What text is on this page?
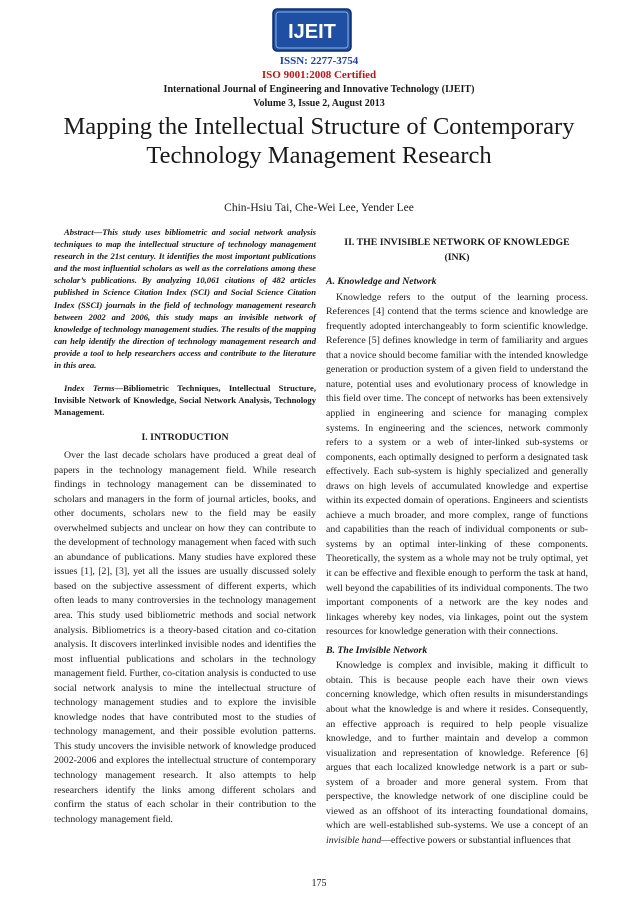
IJEIT
ISSN: 2277-3754
ISO 9001:2008 Certified
International Journal of Engineering and Innovative Technology (IJEIT)
Volume 3, Issue 2, August 2013
Mapping the Intellectual Structure of Contemporary Technology Management Research
Chin-Hsiu Tai, Che-Wei Lee, Yender Lee

Abstract—This study uses bibliometric and social network analysis techniques to map the intellectual structure of technology management research in the 21st century. It identifies the most important publications and the most influential scholars as well as the correlations among these scholar’s publications. By analyzing 10,061 citations of 482 articles published in Science Citation Index (SCI) and Social Science Citation Index (SSCI) journals in the field of technology management research between 2002 and 2006, this study maps an invisible network of knowledge of technology management studies. The results of the mapping can help identify the direction of technology management research and provide a tool to help researchers access and contribute to the literature in this area.

Index Terms—Bibliometric Techniques, Intellectual Structure, Invisible Network of Knowledge, Social Network Analysis, Technology Management.

I. INTRODUCTION

Over the last decade scholars have produced a great deal of papers in the technology management field. While research findings in technology management can be disseminated to scholars and managers in the form of journal articles, books, and other documents, scholars new to the field may be easily overwhelmed subjects and unclear on how they can contribute to the development of technology management when faced with such an abundance of publications. Many studies have explored these issues [1], [2], [3], yet all the issues are usually discussed solely based on the subjective assessment of different experts, which often leads to many controversies in the technology management area. This study used bibliometric methods and social network analysis. Bibliometrics is a theory-based citation and co-citation analysis. It discovers interlinked invisible nodes and identifies the most influential publications and scholars in the technology management field. Further, co-citation analysis is conducted to use social network analysis to mine the intellectual structure of technology management studies and to explore the invisible knowledge nodes that have contributed most to the studies of technology management, and their possible evolution patterns. This study uncovers the invisible network of knowledge produced 2002-2006 and explores the intellectual structure of contemporary technology management research. It also attempts to help researchers identify the links among different scholars and confirm the status of each scholar in their contribution to the technology management field.

II. THE INVISIBLE NETWORK OF KNOWLEDGE (INK)

A. Knowledge and Network

Knowledge refers to the output of the learning process. References [4] contend that the terms science and knowledge are frequently adopted interchangeably to form scientific knowledge. Reference [5] defines knowledge in term of familiarity and argues that a novice should become familiar with the intended knowledge generation or production system of a given field to understand the nature, potential uses and evolutionary process of knowledge in this field over time. The concept of networks has been extensively applied in engineering and science for managing complex systems. In engineering and the sciences, network commonly refers to a system or a web of inter-linked sub-systems or components, each optimally designed to perform a designated task effectively. Each sub-system is highly specialized and generally draws on high levels of accumulated knowledge and expertise within its expected domain of operations. Engineers and scientists achieve a much broader, and more complex, range of functions and capabilities than the reach of individual components or sub-systems by an optimal inter-linking of these components. Theoretically, the system as a whole may not be truly optimal, yet it can be effective and flexible enough to perform the task at hand, well beyond the capabilities of its individual components. The two important components of a network are the key nodes and linkages whereby key nodes, via linkages, point out the system resources for knowledge generation with their connections.

B. The Invisible Network

Knowledge is complex and invisible, making it difficult to obtain. This is because people each have their own views concerning knowledge, which often results in misunderstandings about what the knowledge is and where it resides. Consequently, an effective approach is required to help people visualize knowledge, and to further maintain and develop a common visualization and representation of knowledge. Reference [6] argues that each localized knowledge network is a part or sub-system of a broader and more general system. From that perspective, the knowledge network of one discipline could be viewed as an offshoot of its interacting foundational domains, which are well-established sub-systems. We use a concept of an invisible hand—effective powers or substantial influences that

175
